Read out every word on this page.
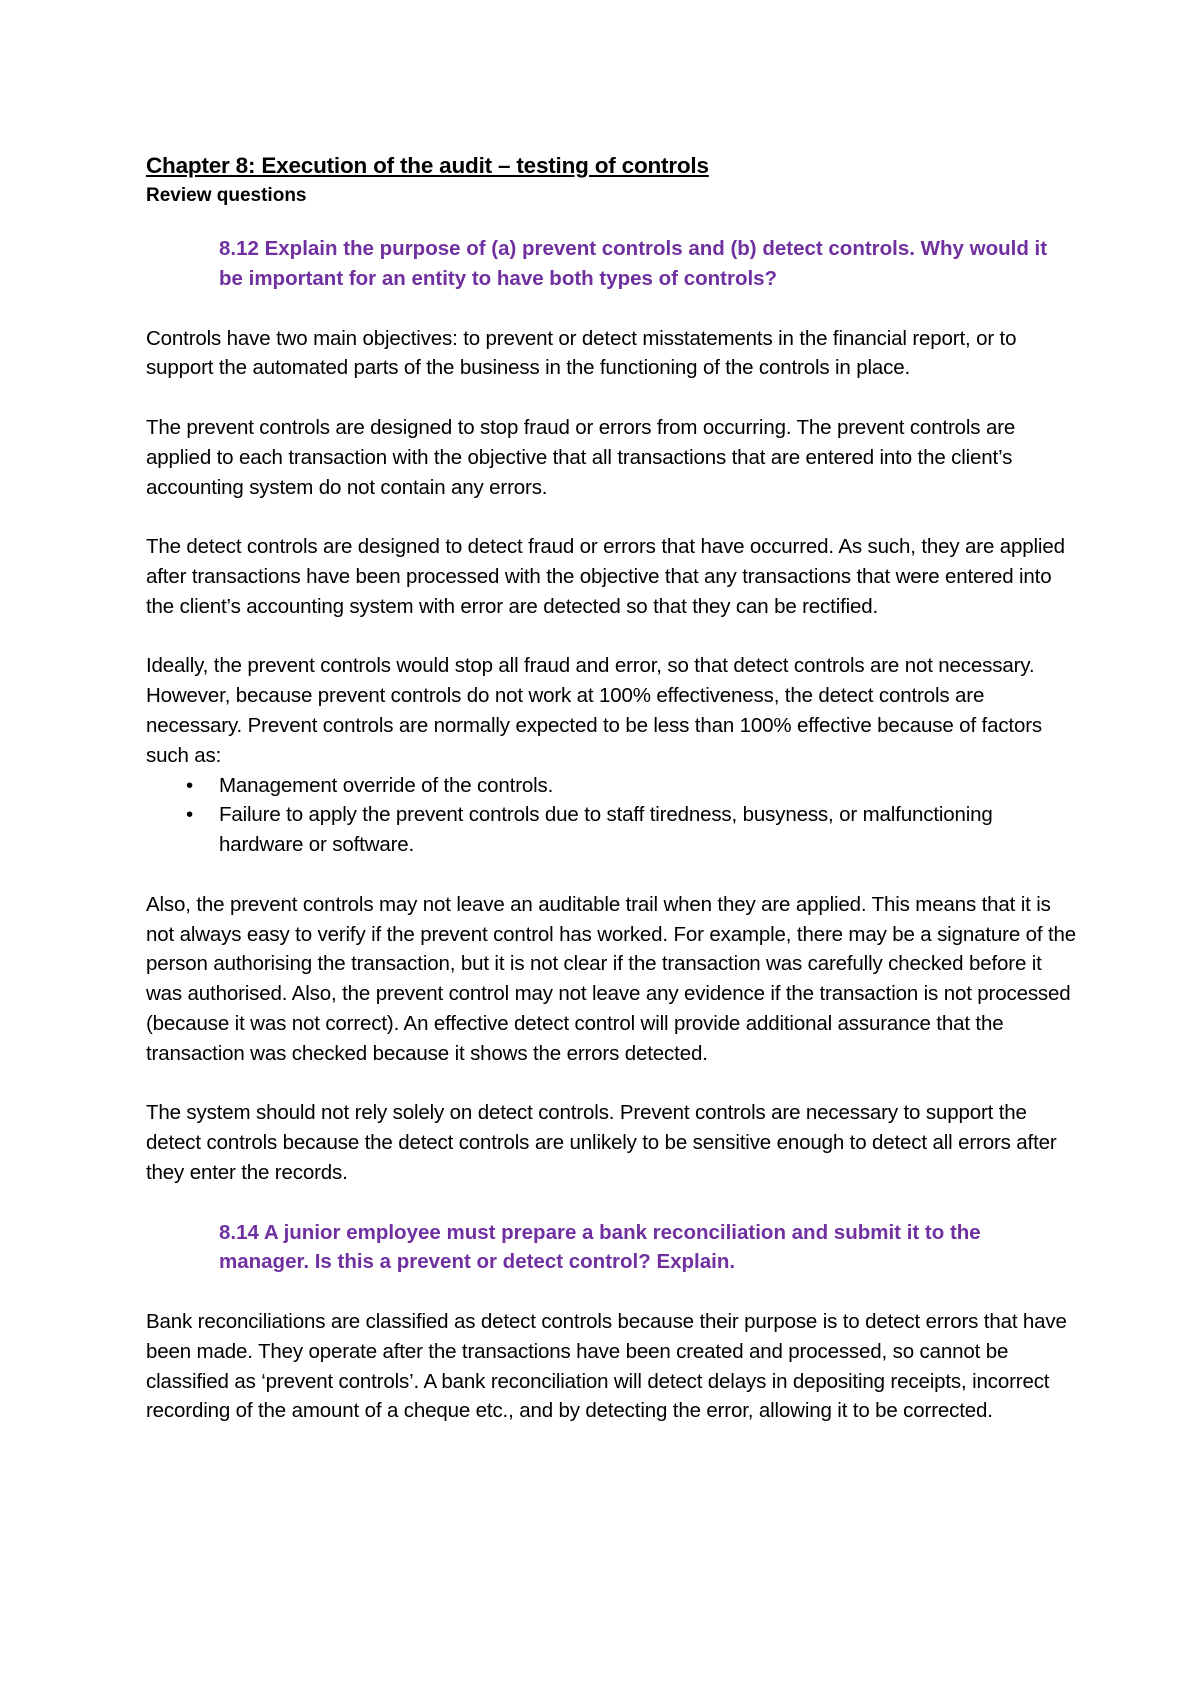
Chapter 8: Execution of the audit – testing of controls
Review questions
8.12 Explain the purpose of (a) prevent controls and (b) detect controls. Why would it be important for an entity to have both types of controls?

Controls have two main objectives: to prevent or detect misstatements in the financial report, or to support the automated parts of the business in the functioning of the controls in place.

The prevent controls are designed to stop fraud or errors from occurring. The prevent controls are applied to each transaction with the objective that all transactions that are entered into the client’s accounting system do not contain any errors.

The detect controls are designed to detect fraud or errors that have occurred. As such, they are applied after transactions have been processed with the objective that any transactions that were entered into the client’s accounting system with error are detected so that they can be rectified.

Ideally, the prevent controls would stop all fraud and error, so that detect controls are not necessary. However, because prevent controls do not work at 100% effectiveness, the detect controls are necessary. Prevent controls are normally expected to be less than 100% effective because of factors such as:

• Management override of the controls.
• Failure to apply the prevent controls due to staff tiredness, busyness, or malfunctioning hardware or software.

Also, the prevent controls may not leave an auditable trail when they are applied. This means that it is not always easy to verify if the prevent control has worked. For example, there may be a signature of the person authorising the transaction, but it is not clear if the transaction was carefully checked before it was authorised. Also, the prevent control may not leave any evidence if the transaction is not processed (because it was not correct). An effective detect control will provide additional assurance that the transaction was checked because it shows the errors detected.

The system should not rely solely on detect controls. Prevent controls are necessary to support the detect controls because the detect controls are unlikely to be sensitive enough to detect all errors after they enter the records.

8.14 A junior employee must prepare a bank reconciliation and submit it to the manager. Is this a prevent or detect control? Explain.

Bank reconciliations are classified as detect controls because their purpose is to detect errors that have been made. They operate after the transactions have been created and processed, so cannot be classified as ‘prevent controls’. A bank reconciliation will detect delays in depositing receipts, incorrect recording of the amount of a cheque etc., and by detecting the error, allowing it to be corrected.
